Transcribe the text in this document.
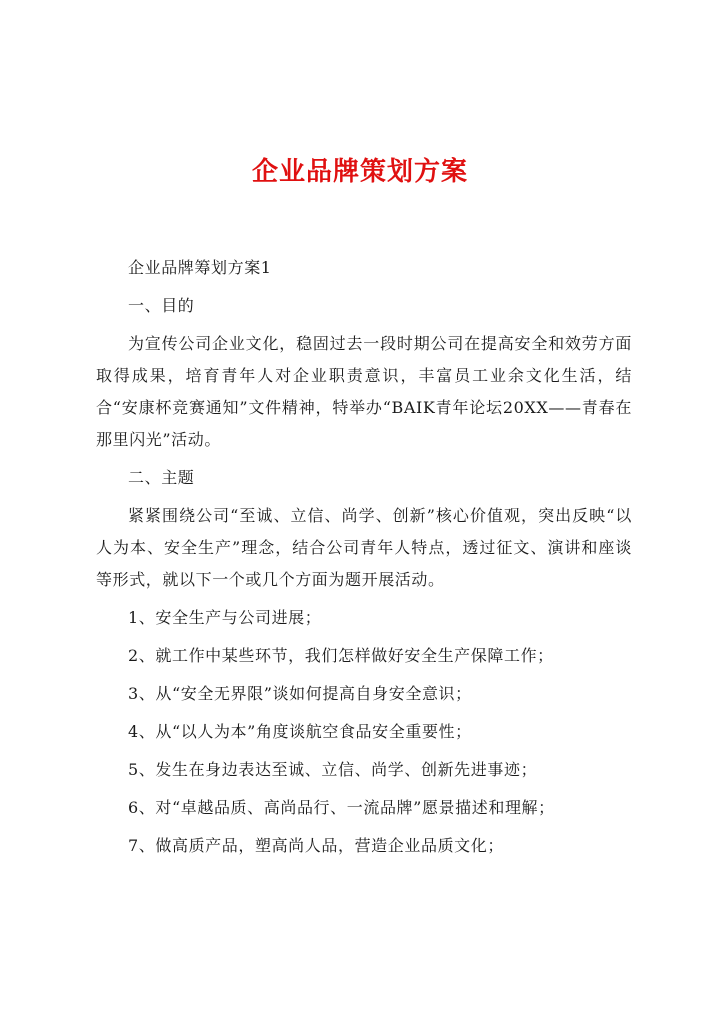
企业品牌策划方案

企业品牌筹划方案1

一、目的

为宣传公司企业文化，稳固过去一段时期公司在提高安全和效劳方面取得成果，培育青年人对企业职责意识，丰富员工业余文化生活，结合“安康杯竞赛通知”文件精神，特举办“BAIK青年论坛20XX——青春在那里闪光”活动。

二、主题

紧紧围绕公司“至诚、立信、尚学、创新”核心价值观，突出反映“以人为本、安全生产”理念，结合公司青年人特点，透过征文、演讲和座谈等形式，就以下一个或几个方面为题开展活动。

1、安全生产与公司进展；

2、就工作中某些环节，我们怎样做好安全生产保障工作；

3、从“安全无界限”谈如何提高自身安全意识；

4、从“以人为本”角度谈航空食品安全重要性；

5、发生在身边表达至诚、立信、尚学、创新先进事迹；

6、对“卓越品质、高尚品行、一流品牌”愿景描述和理解；

7、做高质产品，塑高尚人品，营造企业品质文化；
